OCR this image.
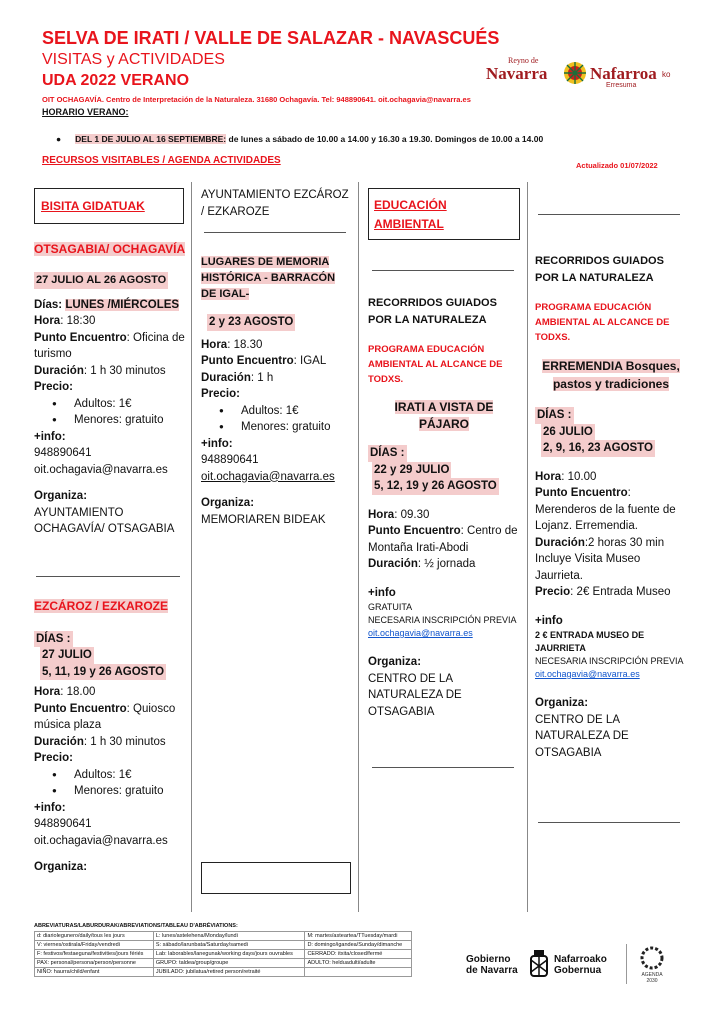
SELVA DE IRATI / VALLE DE SALAZAR - NAVASCUÉS
VISITAS y ACTIVIDADES
UDA 2022 VERANO
OIT OCHAGAVÍA. Centro de Interpretación de la Naturaleza. 31680 Ochagavía. Tel: 948890641. oit.ochagavia@navarra.es
HORARIO VERANO:
● DEL 1 DE JULIO AL 16 SEPTIEMBRE: de lunes a sábado de 10.00 a 14.00 y 16.30 a 19.30. Domingos de 10.00 a 14.00
RECURSOS VISITABLES / AGENDA ACTIVIDADES	Actualizado 01/07/2022
Reyno de
Navarra	Nafarroa ko
Erresuma
BISITA GIDATUAK

OTSAGABIA/ OCHAGAVÍA

27 JULIO AL 26 AGOSTO

Días: LUNES /MIÉRCOLES

Hora: 18:30

Punto Encuentro: Oficina de turismo

Duración: 1 h 30 minutos

Precio:

● Adultos: 1€
● Menores: gratuito

+info:

948890641

oit.ochagavia@navarra.es

Organiza:

AYUNTAMIENTO OCHAGAVÍA/ OTSAGABIA

EZCÁROZ / EZKAROZE

DÍAS :

27 JULIO

5, 11, 19 y 26 AGOSTO

Hora: 18.00

Punto Encuentro: Quiosco música plaza

Duración: 1 h 30 minutos

Precio:

● Adultos: 1€
● Menores: gratuito

+info:

948890641

oit.ochagavia@navarra.es

Organiza:

AYUNTAMIENTO EZCÁROZ / EZKAROZE

LUGARES DE MEMORIA HISTÓRICA - BARRACÓN DE IGAL-

2 y 23 AGOSTO

Hora: 18.30

Punto Encuentro: IGAL

Duración: 1 h

Precio:

● Adultos: 1€
● Menores: gratuito

+info:

948890641

oit.ochagavia@navarra.es

Organiza:

MEMORIAREN BIDEAK

EDUCACIÓN AMBIENTAL

RECORRIDOS GUIADOS POR LA NATURALEZA

PROGRAMA EDUCACIÓN AMBIENTAL AL ALCANCE DE TODXS.

IRATI A VISTA DE PÁJARO

DÍAS :

22 y 29 JULIO

5, 12, 19 y 26 AGOSTO

Hora: 09.30

Punto Encuentro: Centro de Montaña Irati-Abodi

Duración: ½ jornada

+info

GRATUITA

NECESARIA INSCRIPCIÓN PREVIA

oit.ochagavia@navarra.es

Organiza:

CENTRO DE LA NATURALEZA DE OTSAGABIA

RECORRIDOS GUIADOS POR LA NATURALEZA

PROGRAMA EDUCACIÓN AMBIENTAL AL ALCANCE DE TODXS.

ERREMENDIA Bosques, pastos y tradiciones

DÍAS :

26 JULIO

2, 9, 16, 23 AGOSTO

Hora: 10.00

Punto Encuentro: Merenderos de la fuente de Lojanz. Erremendia.

Duración:2 horas 30 min

Incluye Visita Museo Jaurrieta.

Precio: 2€ Entrada Museo

+info

2 € ENTRADA MUSEO DE JAURRIETA

NECESARIA INSCRIPCIÓN PREVIA

oit.ochagavia@navarra.es

Organiza:

CENTRO DE LA NATURALEZA DE OTSAGABIA

ABREVIATURAS/LABURDURAK/ABREVIATIONS/TABLEAU D'ABRÉVIATIONS:
d: diariolegunero/daily/tous les jours	L: lunes/astelehena/Monday/lundi	M: martes/asteartea/TTuesday/mardi
V: viernes/ostirala/Friday/vendredi	S: sábado/larunbata/Saturday/samedi	D: domingo/igandea/Sunday/dimanche
F: festivos/festaeguna/festivities/jours fériés	Lab: laborables/lanegunak/working days/jours ouvrables	CERRADO: itxita/closed/fermé
PAX: personal/persona/person/personne	GRUPO: taldea/group/groupe	ADULTO: helduadulti/adulte
NIÑO: haurra/child/enfant	JUBILADO: jubilatua/retired person/retraité	
Gobierno
de Navarra
Nafarroako
Gobernua	AGENDA
2030
